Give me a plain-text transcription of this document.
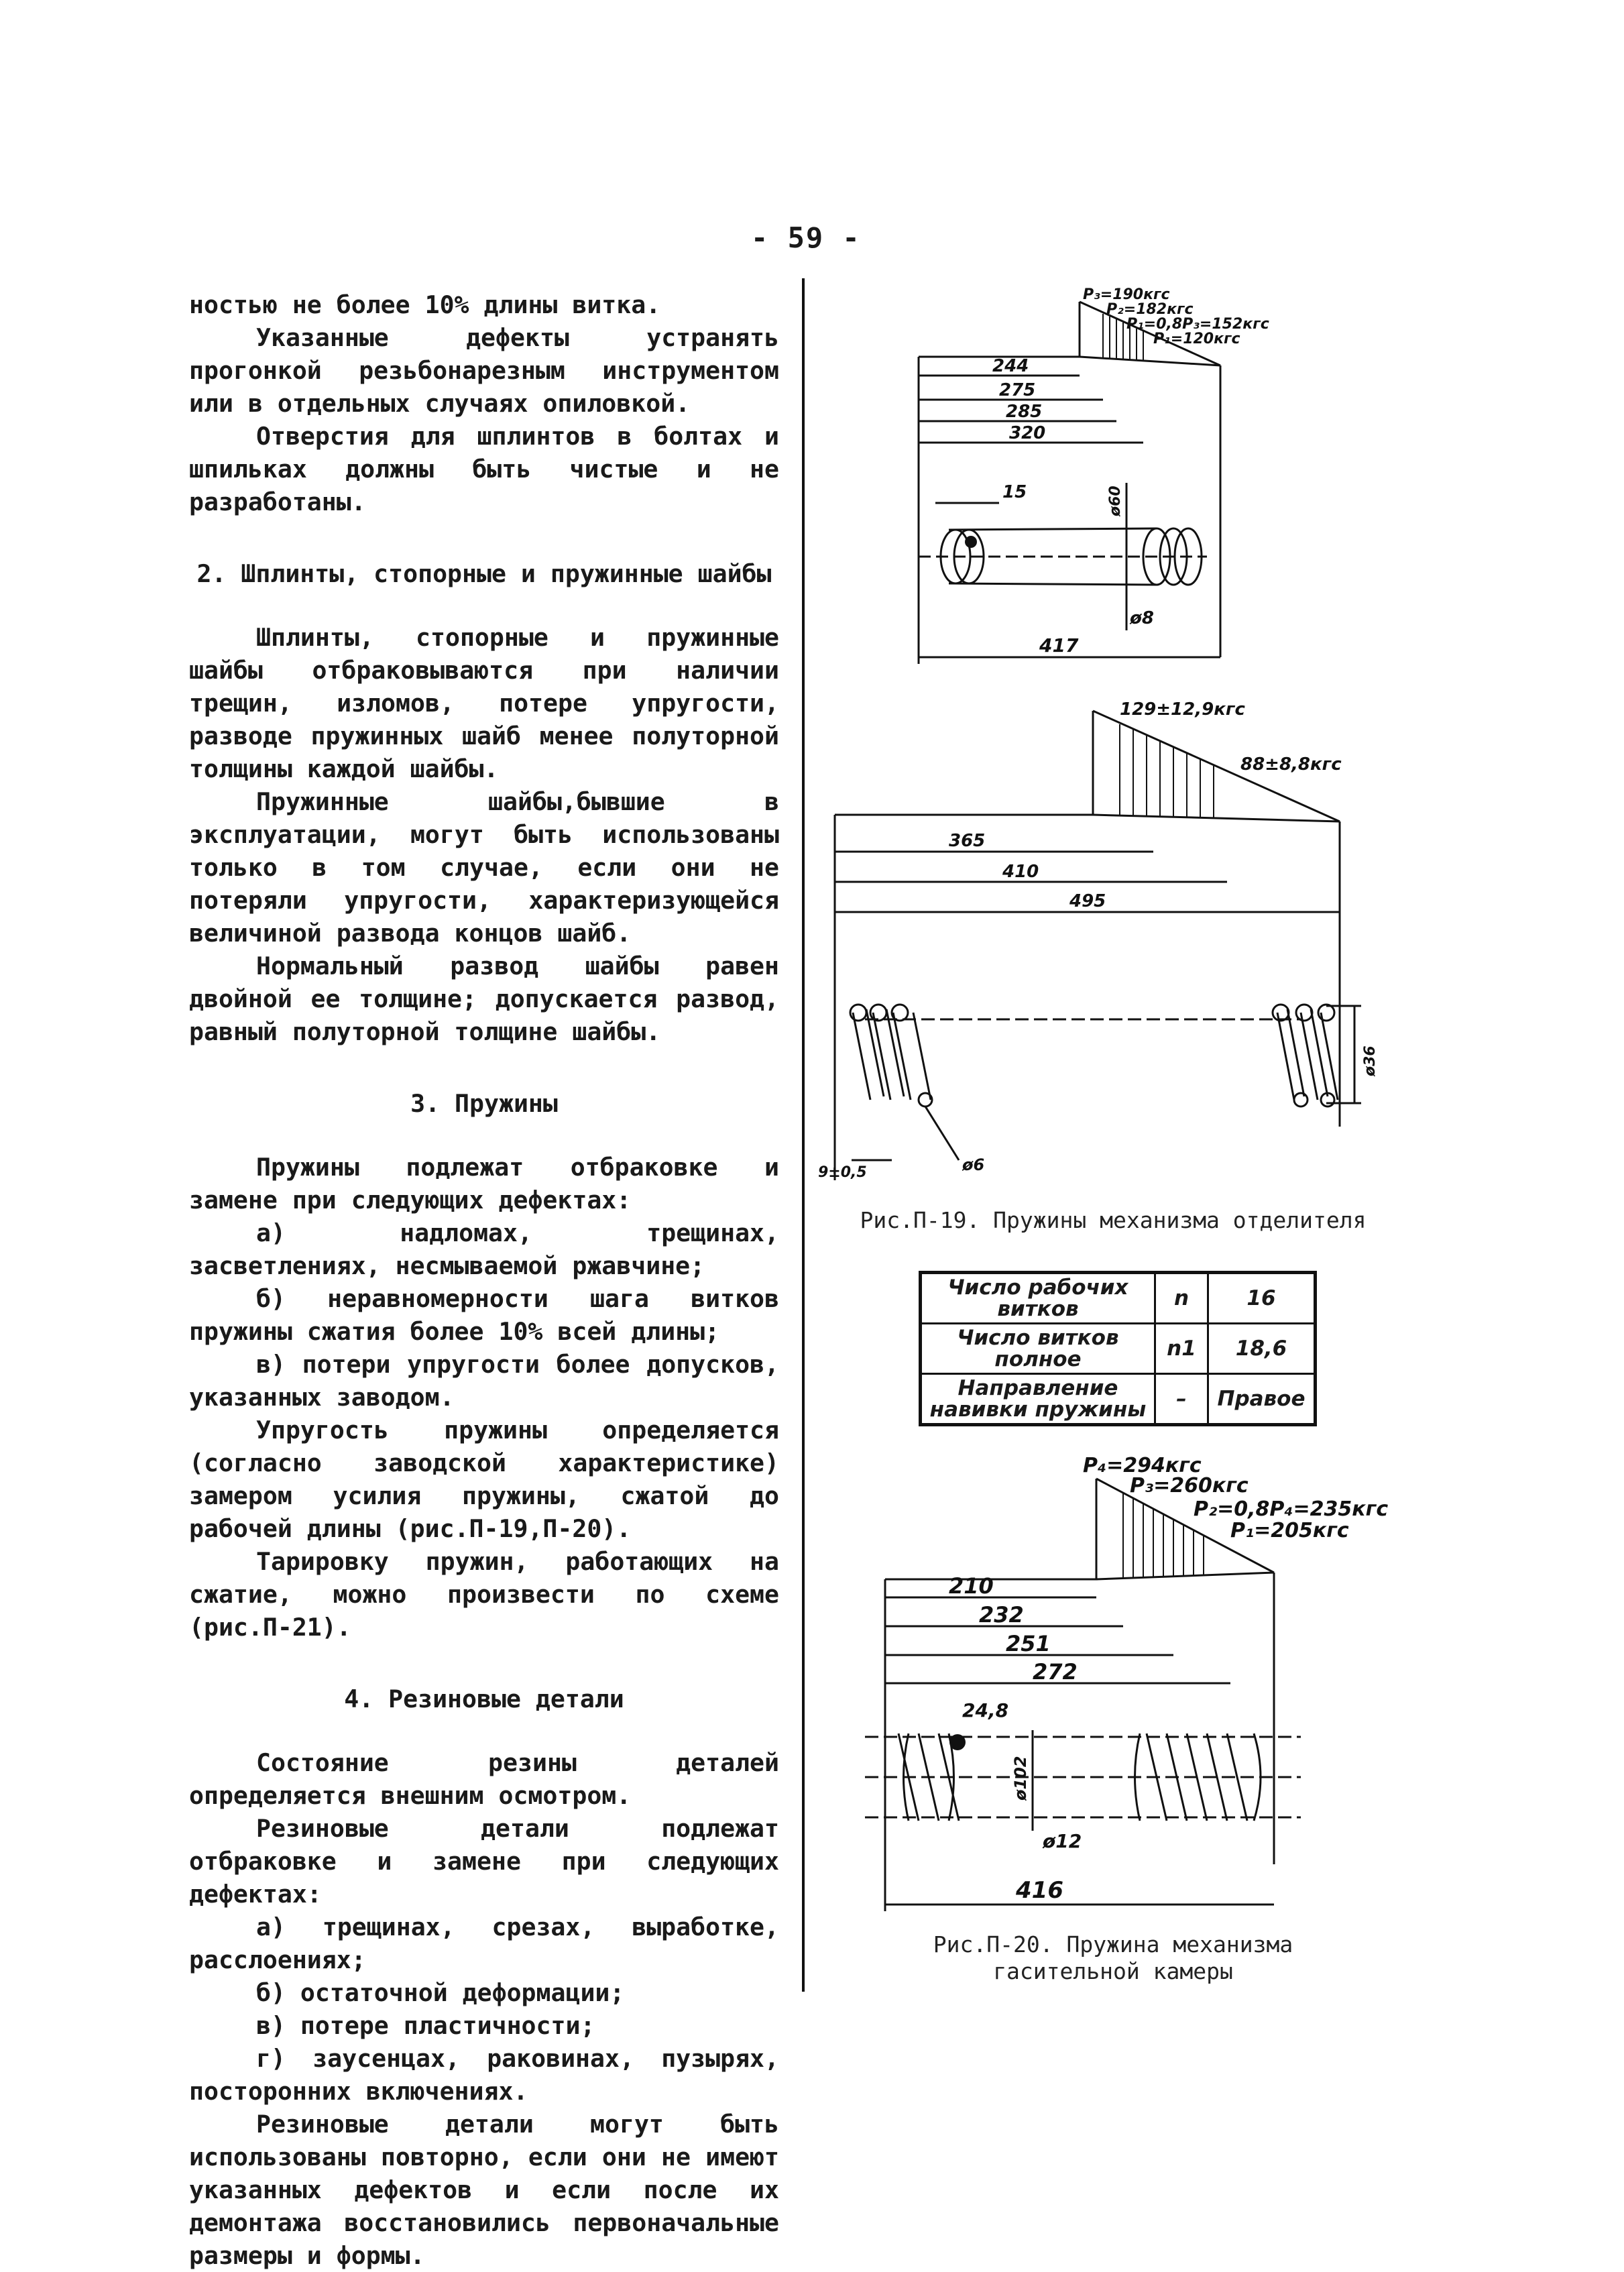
- 59 -

ностью не более 10% длины витка.

Указанные дефекты устранять прогонкой резьбонарезным инструментом или в отдельных случаях опиловкой.

Отверстия для шплинтов в болтах и шпильках должны быть чистые и не разработаны.

2. Шплинты, стопорные и пружинные шайбы

Шплинты, стопорные и пружинные шайбы отбраковываются при наличии трещин, изломов, потере упругости, разводе пружинных шайб менее полуторной толщины каждой шайбы.

Пружинные шайбы,бывшие в эксплуатации, могут быть использованы только в том случае, если они не потеряли упругости, характеризующейся величиной развода концов шайб.

Нормальный развод шайбы равен двойной ее толщине; допускается развод, равный полуторной толщине шайбы.

3. Пружины

Пружины подлежат отбраковке и замене при следующих дефектах:

а) надломах, трещинах, засветлениях, несмываемой ржавчине;

б) неравномерности шага витков пружины сжатия более 10% всей длины;

в) потери упругости более допусков, указанных заводом.

Упругость пружины определяется (согласно заводской характеристике) замером усилия пружины, сжатой до рабочей длины (рис.П-19,П-20).

Тарировку пружин, работающих на сжатие, можно произвести по схеме (рис.П-21).

4. Резиновые детали

Состояние резины деталей определяется внешним осмотром.

Резиновые детали подлежат отбраковке и замене при следующих дефектах:

а) трещинах, срезах, выработке, расслоениях;

б) остаточной деформации;

в) потере пластичности;

г) заусенцах, раковинах, пузырях, посторонних включениях.

Резиновые детали могут быть использованы повторно, если они не имеют указанных дефектов и если после их демонтажа восстановились первоначальные размеры и формы.

P₃=190кгс
P₂=182кгс
P₁=0,8P₃=152кгс
P₁=120кгс
244
275
285
320
15	ø60
ø8
417
129±12,9кгс
88±8,8кгс
365
410
495
ø36
9±0,5	ø6
Рис.П-19. Пружины механизма отделителя
Число рабочих витков	n	16
Число витков полное	n1	18,6
Направление навивки пружины	–	Правое
P₄=294кгс
P₃=260кгс
P₂=0,8P₄=235кгс
P₁=205кгс
210
232
251
272
24,8
ø102
ø12
416
Рис.П-20. Пружина механизма
гасительной камеры
